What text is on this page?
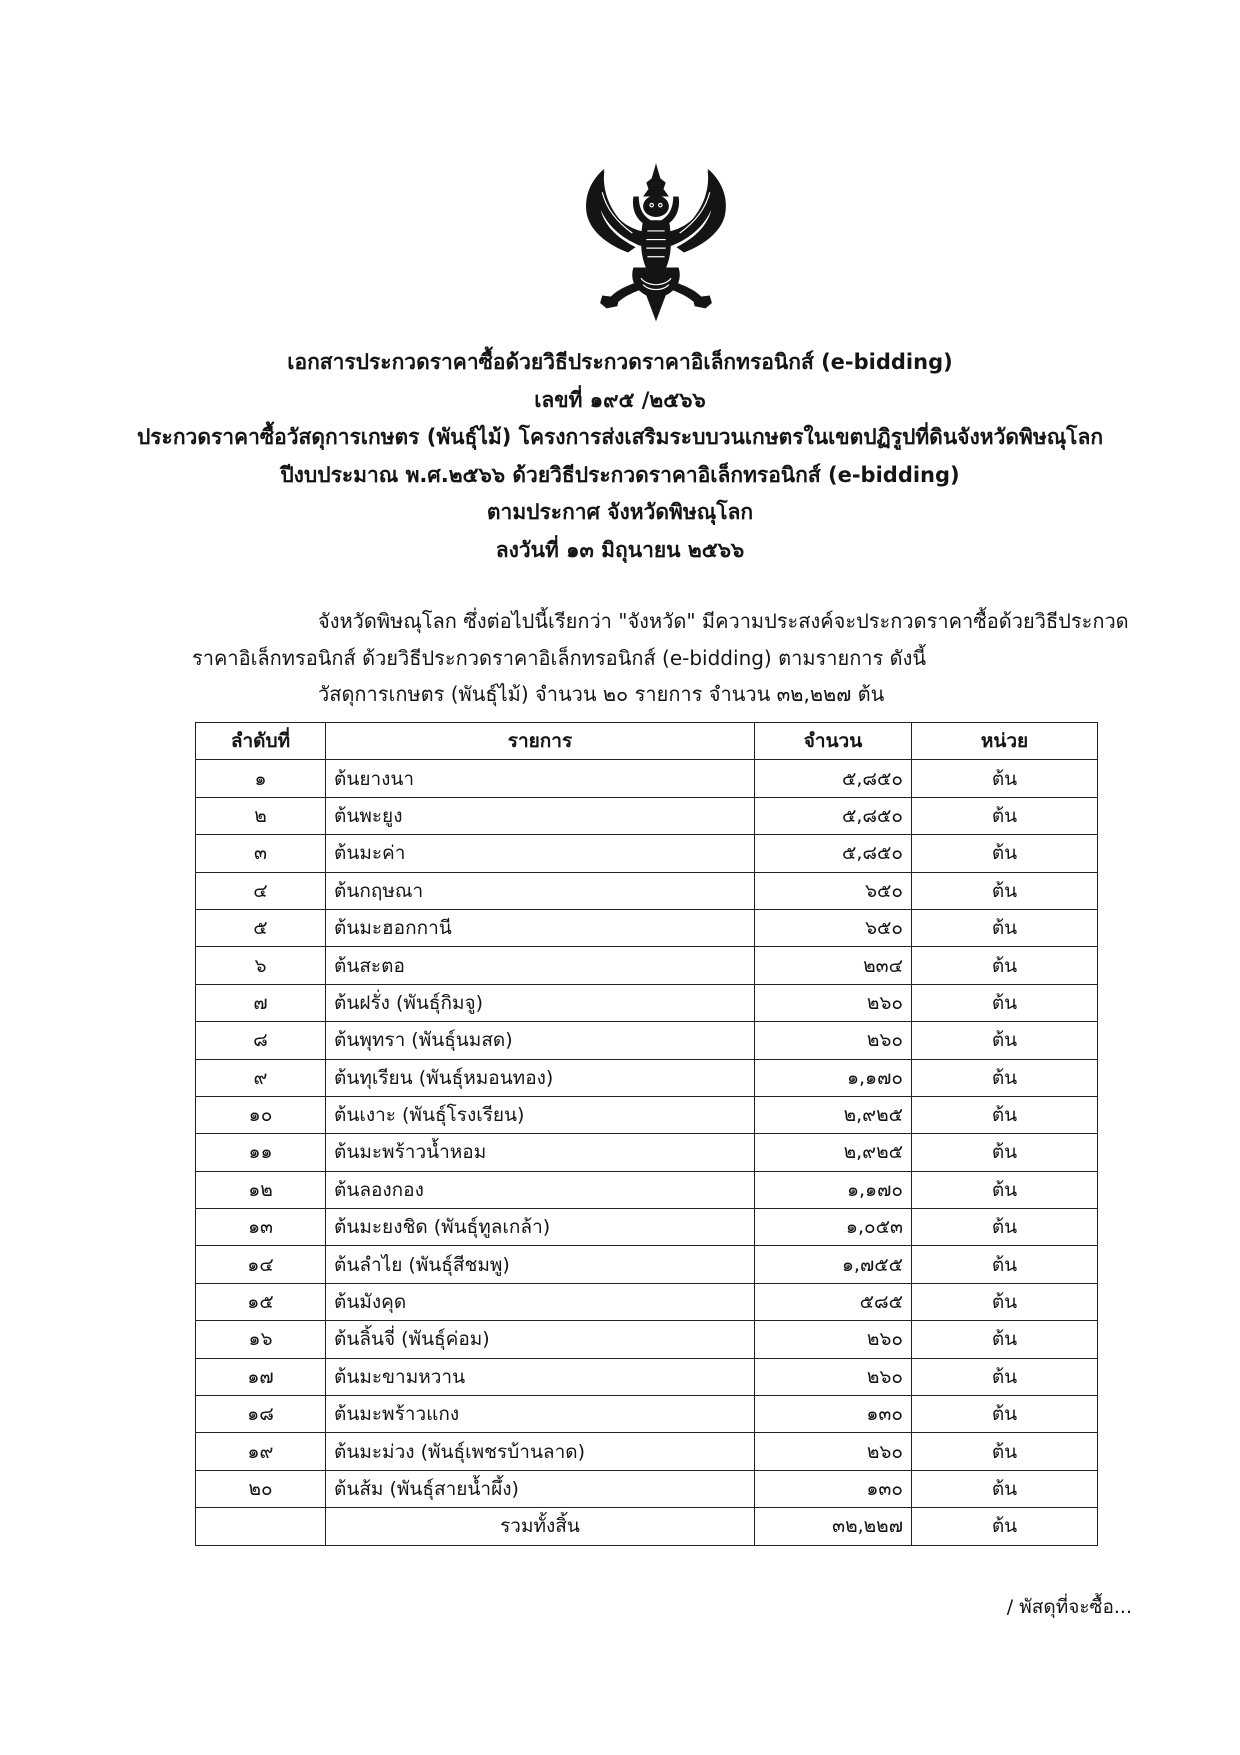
เอกสารประกวดราคาซื้อด้วยวิธีประกวดราคาอิเล็กทรอนิกส์ (e-bidding)
เลขที่ ๑๙๕ /๒๕๖๖
ประกวดราคาซื้อวัสดุการเกษตร (พันธุ์ไม้) โครงการส่งเสริมระบบวนเกษตรในเขตปฏิรูปที่ดินจังหวัดพิษณุโลก
ปีงบประมาณ พ.ศ.๒๕๖๖ ด้วยวิธีประกวดราคาอิเล็กทรอนิกส์ (e-bidding)
ตามประกาศ จังหวัดพิษณุโลก
ลงวันที่ ๑๓ มิถุนายน ๒๕๖๖
จังหวัดพิษณุโลก ซึ่งต่อไปนี้เรียกว่า "จังหวัด" มีความประสงค์จะประกวดราคาซื้อด้วยวิธีประกวด
ราคาอิเล็กทรอนิกส์ ด้วยวิธีประกวดราคาอิเล็กทรอนิกส์ (e-bidding) ตามรายการ ดังนี้
วัสดุการเกษตร (พันธุ์ไม้) จำนวน ๒๐ รายการ จำนวน ๓๒,๒๒๗ ต้น
ลำดับที่	รายการ	จำนวน	หน่วย
๑	ต้นยางนา	๕,๘๕๐	ต้น
๒	ต้นพะยูง	๕,๘๕๐	ต้น
๓	ต้นมะค่า	๕,๘๕๐	ต้น
๔	ต้นกฤษณา	๖๕๐	ต้น
๕	ต้นมะฮอกกานี	๖๕๐	ต้น
๖	ต้นสะตอ	๒๓๔	ต้น
๗	ต้นฝรั่ง (พันธุ์กิมจู)	๒๖๐	ต้น
๘	ต้นพุทรา (พันธุ์นมสด)	๒๖๐	ต้น
๙	ต้นทุเรียน (พันธุ์หมอนทอง)	๑,๑๗๐	ต้น
๑๐	ต้นเงาะ (พันธุ์โรงเรียน)	๒,๙๒๕	ต้น
๑๑	ต้นมะพร้าวน้ำหอม	๒,๙๒๕	ต้น
๑๒	ต้นลองกอง	๑,๑๗๐	ต้น
๑๓	ต้นมะยงชิด (พันธุ์ทูลเกล้า)	๑,๐๕๓	ต้น
๑๔	ต้นลำไย (พันธุ์สีชมพู)	๑,๗๕๕	ต้น
๑๕	ต้นมังคุด	๕๘๕	ต้น
๑๖	ต้นลิ้นจี่ (พันธุ์ค่อม)	๒๖๐	ต้น
๑๗	ต้นมะขามหวาน	๒๖๐	ต้น
๑๘	ต้นมะพร้าวแกง	๑๓๐	ต้น
๑๙	ต้นมะม่วง (พันธุ์เพชรบ้านลาด)	๒๖๐	ต้น
๒๐	ต้นส้ม (พันธุ์สายน้ำผึ้ง)	๑๓๐	ต้น
	รวมทั้งสิ้น	๓๒,๒๒๗	ต้น
/ พัสดุที่จะซื้อ...
